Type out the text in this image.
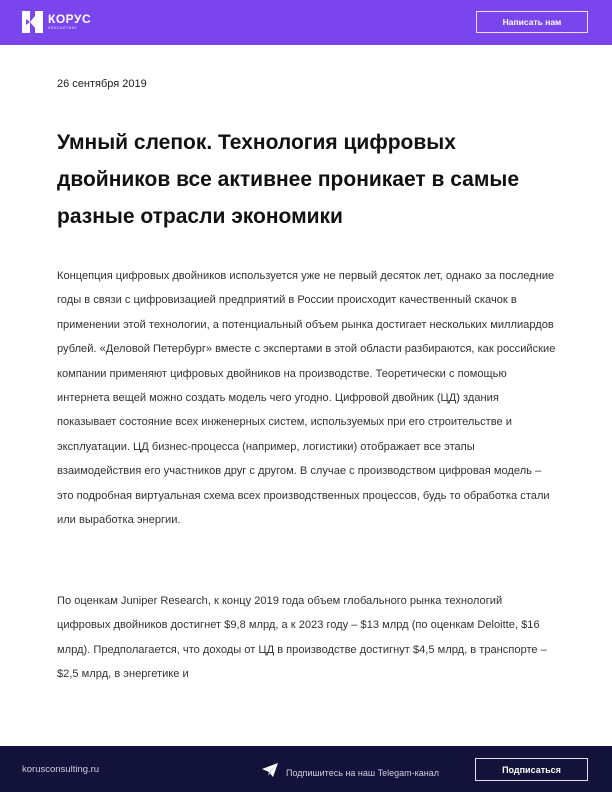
КОРУС
КОНСАЛТИНГ
Написать нам
26 сентября 2019
Умный слепок. Технология цифровых двойников все активнее проникает в самые разные отрасли экономики

Концепция цифровых двойников используется уже не первый десяток лет, однако за последние годы в связи с цифровизацией предприятий в России происходит качественный скачок в применении этой технологии, а потенциальный объем рынка достигает нескольких миллиардов рублей. «Деловой Петербург» вместе с экспертами в этой области разбираются, как российские компании применяют цифровых двойников на производстве. Теоретически с помощью интернета вещей можно создать модель чего угодно. Цифровой двойник (ЦД) здания показывает состояние всех инженерных систем, используемых при его строительстве и эксплуатации. ЦД бизнес-процесса (например, логистики) отображает все этапы взаимодействия его участников друг с другом. В случае с производством цифровая модель – это подробная виртуальная схема всех производственных процессов, будь то обработка стали или выработка энергии.

По оценкам Juniper Research, к концу 2019 года объем глобального рынка технологий цифровых двойников достигнет $9,8 млрд, а к 2023 году – $13 млрд (по оценкам Deloitte, $16 млрд). Предполагается, что доходы от ЦД в производстве достигнут $4,5 млрд, в транспорте – $2,5 млрд, в энергетике и

korusconsulting.ru	Подпишитесь на наш Telegam-канал	Подписаться
